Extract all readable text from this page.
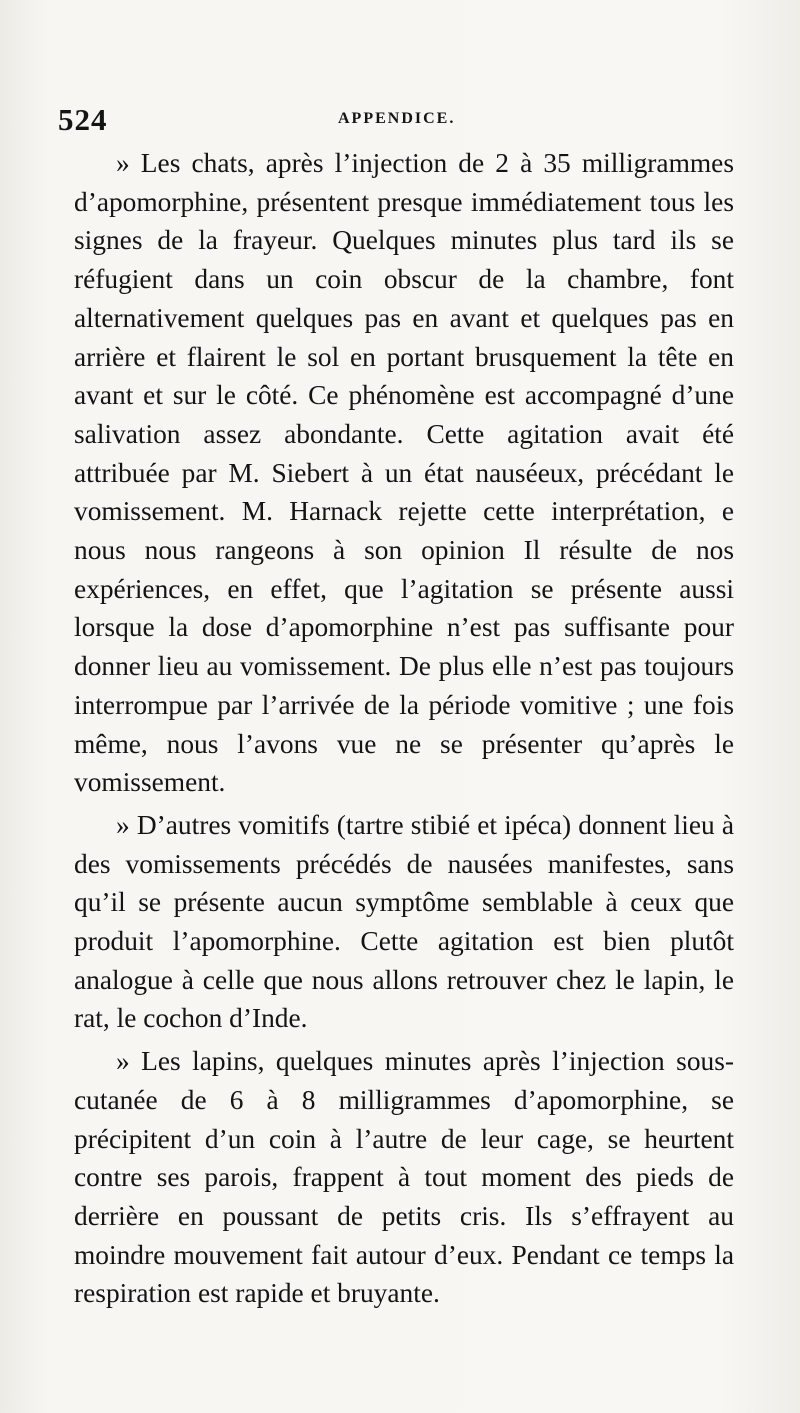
524	APPENDICE.

» Les chats, après l’injection de 2 à 35 milligrammes d’apomorphine, présentent presque immédiatement tous les signes de la frayeur. Quelques minutes plus tard ils se réfugient dans un coin obscur de la chambre, font alternativement quelques pas en avant et quelques pas en arrière et flairent le sol en portant brusquement la tête en avant et sur le côté. Ce phénomène est accompagné d’une salivation assez abondante. Cette agitation avait été attribuée par M. Siebert à un état nauséeux, précédant le vomissement. M. Harnack rejette cette interprétation, e nous nous rangeons à son opinion Il résulte de nos expériences, en effet, que l’agitation se présente aussi lorsque la dose d’apomorphine n’est pas suffisante pour donner lieu au vomissement. De plus elle n’est pas toujours interrompue par l’arrivée de la période vomitive ; une fois même, nous l’avons vue ne se présenter qu’après le vomissement.

» D’autres vomitifs (tartre stibié et ipéca) donnent lieu à des vomissements précédés de nausées manifestes, sans qu’il se présente aucun symptôme semblable à ceux que produit l’apomorphine. Cette agitation est bien plutôt analogue à celle que nous allons retrouver chez le lapin, le rat, le cochon d’Inde.

» Les lapins, quelques minutes après l’injection sous-cutanée de 6 à 8 milligrammes d’apomorphine, se précipitent d’un coin à l’autre de leur cage, se heurtent contre ses parois, frappent à tout moment des pieds de derrière en poussant de petits cris. Ils s’effrayent au moindre mouvement fait autour d’eux. Pendant ce temps la respiration est rapide et bruyante.
